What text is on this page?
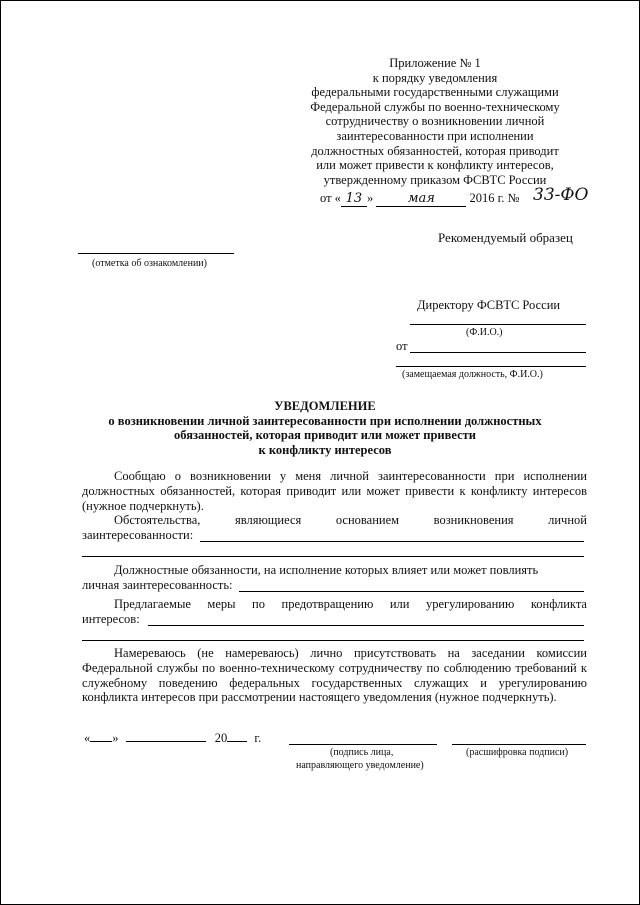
Приложение № 1
к порядку уведомления
федеральными государственными служащими
Федеральной службы по военно-техническому
сотрудничеству о возникновении личной
заинтересованности при исполнении
должностных обязанностей, которая приводит
или может привести к конфликту интересов,
утвержденному приказом ФСВТС России
от « 13 »	мая	2016 г. № 33-ФО
Рекомендуемый образец
(отметка об ознакомлении)
Директору ФСВТС России
(Ф.И.О.)
от
(замещаемая должность, Ф.И.О.)
УВЕДОМЛЕНИЕ
о возникновении личной заинтересованности при исполнении должностных
обязанностей, которая приводит или может привести
к конфликту интересов
Сообщаю о возникновении у меня личной заинтересованности при исполнении должностных обязанностей, которая приводит или может привести к конфликту интересов (нужное подчеркнуть).
Обстоятельства,	являющиеся	основанием	возникновения	личной
заинтересованности:
Должностные обязанности, на исполнение которых влияет или может повлиять
личная заинтересованность:
Предлагаемые меры по предотвращению или урегулированию конфликта
интересов:
Намереваюсь (не намереваюсь) лично присутствовать на заседании комиссии Федеральной службы по военно-техническому сотрудничеству по соблюдению требований к служебному поведению федеральных государственных служащих и урегулированию конфликта интересов при рассмотрении настоящего уведомления (нужное подчеркнуть).
« »	20 г.
(подпись лица,
направляющего уведомление)
(расшифровка подписи)
